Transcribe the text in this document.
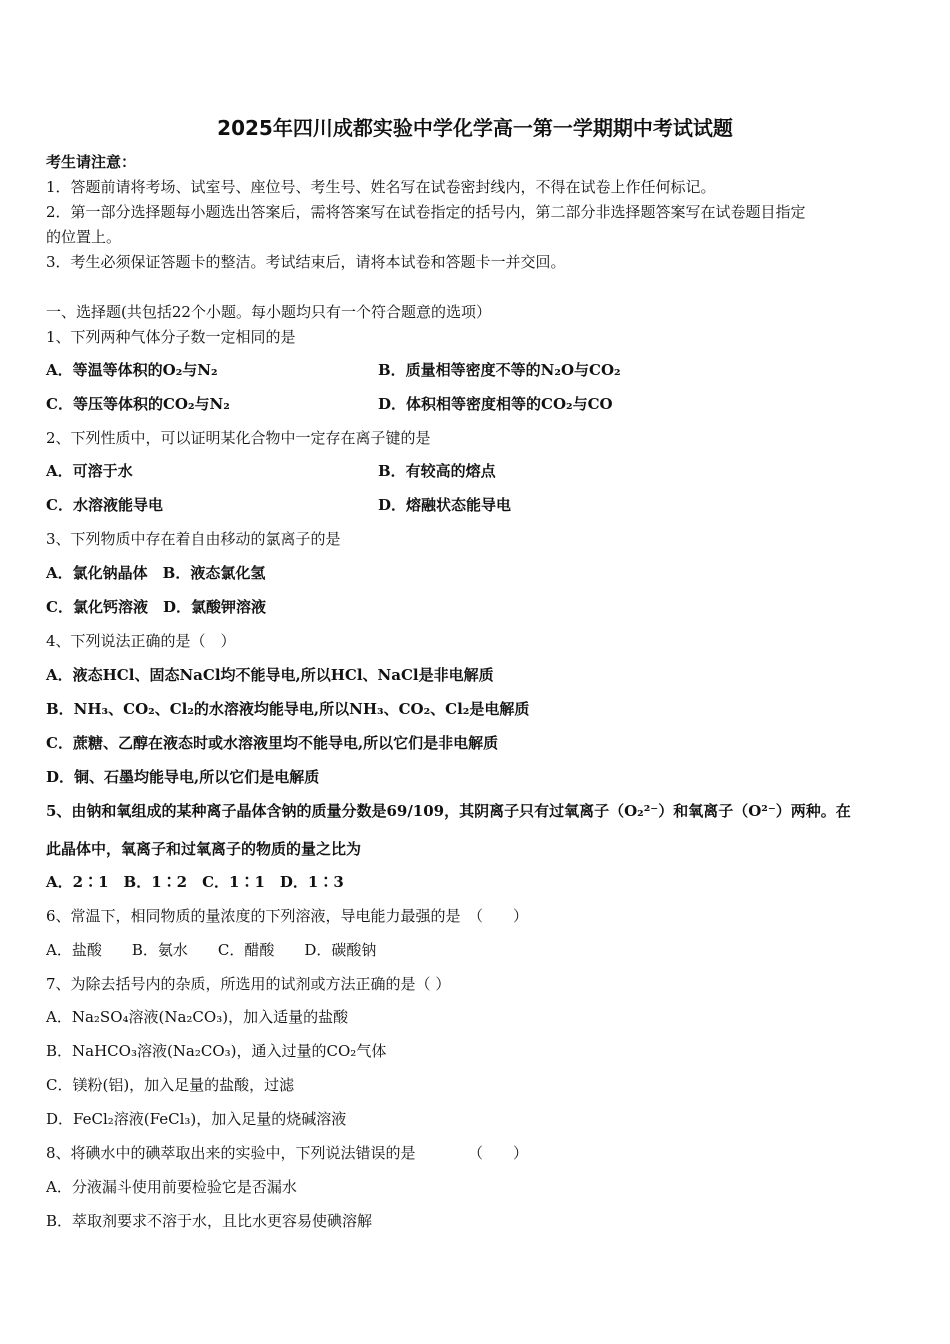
2025年四川成都实验中学化学高一第一学期期中考试试题
考生请注意：
1．答题前请将考场、试室号、座位号、考生号、姓名写在试卷密封线内，不得在试卷上作任何标记。
2．第一部分选择题每小题选出答案后，需将答案写在试卷指定的括号内，第二部分非选择题答案写在试卷题目指定
的位置上。
3．考生必须保证答题卡的整洁。考试结束后，请将本试卷和答题卡一并交回。
一、选择题(共包括22个小题。每小题均只有一个符合题意的选项）
1、下列两种气体分子数一定相同的是
A．等温等体积的O₂与N₂	B．质量相等密度不等的N₂O与CO₂
C．等压等体积的CO₂与N₂	D．体积相等密度相等的CO₂与CO
2、下列性质中，可以证明某化合物中一定存在离子键的是
A．可溶于水	B．有较高的熔点
C．水溶液能导电	D．熔融状态能导电
3、下列物质中存在着自由移动的氯离子的是
A．氯化钠晶体　B．液态氯化氢
C．氯化钙溶液　D．氯酸钾溶液
4、下列说法正确的是（　）
A．液态HCl、固态NaCl均不能导电,所以HCl、NaCl是非电解质
B．NH₃、CO₂、Cl₂的水溶液均能导电,所以NH₃、CO₂、Cl₂是电解质
C．蔗糖、乙醇在液态时或水溶液里均不能导电,所以它们是非电解质
D．铜、石墨均能导电,所以它们是电解质
5、由钠和氧组成的某种离子晶体含钠的质量分数是69/109，其阴离子只有过氧离子（O₂²⁻）和氧离子（O²⁻）两种。在
此晶体中，氧离子和过氧离子的物质的量之比为
A．2∶1　B．1∶2　C．1∶1　D．1∶3
6、常温下，相同物质的量浓度的下列溶液，导电能力最强的是　（　　）
A．盐酸　　B．氨水　　C．醋酸　　D．碳酸钠
7、为除去括号内的杂质，所选用的试剂或方法正确的是（ ）
A．Na₂SO₄溶液(Na₂CO₃)，加入适量的盐酸
B．NaHCO₃溶液(Na₂CO₃)，通入过量的CO₂气体
C．镁粉(铝)，加入足量的盐酸，过滤
D．FeCl₂溶液(FeCl₃)，加入足量的烧碱溶液
8、将碘水中的碘萃取出来的实验中，下列说法错误的是　　　　（　　）
A．分液漏斗使用前要检验它是否漏水
B．萃取剂要求不溶于水，且比水更容易使碘溶解
